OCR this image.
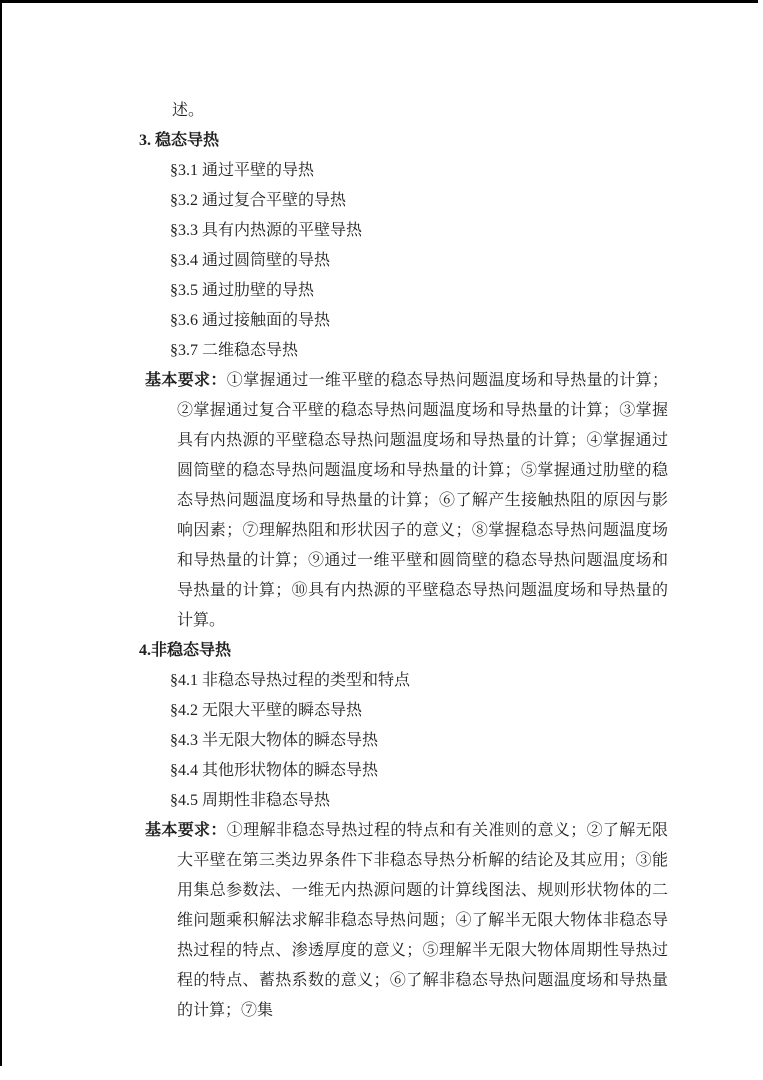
述。
3. 稳态导热
§3.1 通过平壁的导热
§3.2 通过复合平壁的导热
§3.3 具有内热源的平壁导热
§3.4 通过圆筒壁的导热
§3.5 通过肋壁的导热
§3.6 通过接触面的导热
§3.7 二维稳态导热
基本要求：①掌握通过一维平壁的稳态导热问题温度场和导热量的计算；②掌握通过复合平壁的稳态导热问题温度场和导热量的计算；③掌握具有内热源的平壁稳态导热问题温度场和导热量的计算；④掌握通过圆筒壁的稳态导热问题温度场和导热量的计算；⑤掌握通过肋壁的稳态导热问题温度场和导热量的计算；⑥了解产生接触热阻的原因与影响因素；⑦理解热阻和形状因子的意义；⑧掌握稳态导热问题温度场和导热量的计算；⑨通过一维平壁和圆筒壁的稳态导热问题温度场和导热量的计算；⑩具有内热源的平壁稳态导热问题温度场和导热量的计算。
4.非稳态导热
§4.1 非稳态导热过程的类型和特点
§4.2 无限大平壁的瞬态导热
§4.3 半无限大物体的瞬态导热
§4.4 其他形状物体的瞬态导热
§4.5 周期性非稳态导热
基本要求：①理解非稳态导热过程的特点和有关准则的意义；②了解无限大平壁在第三类边界条件下非稳态导热分析解的结论及其应用；③能用集总参数法、一维无内热源问题的计算线图法、规则形状物体的二维问题乘积解法求解非稳态导热问题；④了解半无限大物体非稳态导热过程的特点、渗透厚度的意义；⑤理解半无限大物体周期性导热过程的特点、蓄热系数的意义；⑥了解非稳态导热问题温度场和导热量的计算；⑦集
